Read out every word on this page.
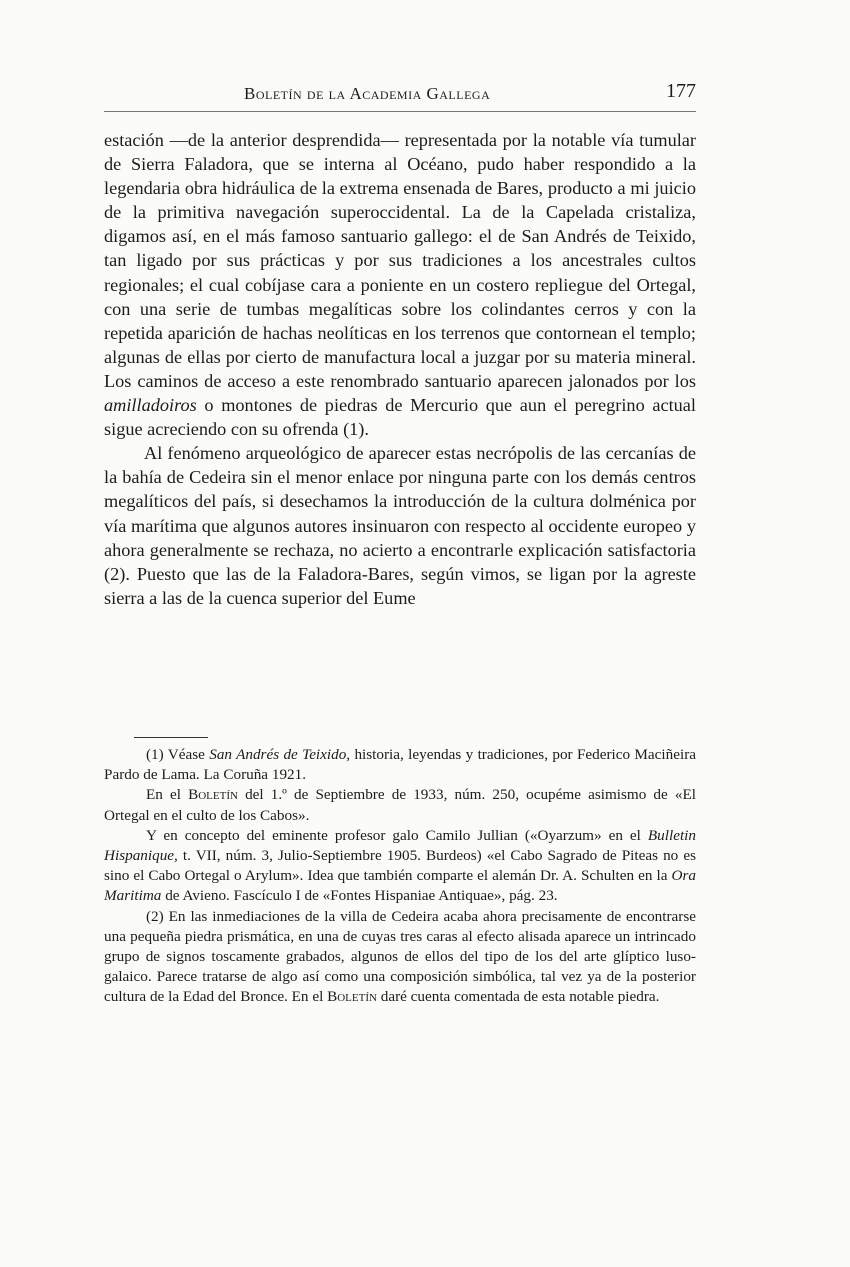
Boletín de la Academia Gallega	177

estación —de la anterior desprendida— representada por la notable vía tumular de Sierra Faladora, que se interna al Océano, pudo haber respondido a la legendaria obra hidráulica de la extrema ensenada de Bares, producto a mi juicio de la primitiva navegación superoccidental. La de la Capelada cristaliza, digamos así, en el más famoso santuario gallego: el de San Andrés de Teixido, tan ligado por sus prácticas y por sus tradiciones a los ancestrales cultos regionales; el cual cobíjase cara a poniente en un costero repliegue del Ortegal, con una serie de tumbas megalíticas sobre los colindantes cerros y con la repetida aparición de hachas neolíticas en los terrenos que contornean el templo; algunas de ellas por cierto de manufactura local a juzgar por su materia mineral. Los caminos de acceso a este renombrado santuario aparecen jalonados por los amilladoiros o montones de piedras de Mercurio que aun el peregrino actual sigue acreciendo con su ofrenda (1).

Al fenómeno arqueológico de aparecer estas necrópolis de las cercanías de la bahía de Cedeira sin el menor enlace por ninguna parte con los demás centros megalíticos del país, si desechamos la introducción de la cultura dolménica por vía marítima que algunos autores insinuaron con respecto al occidente europeo y ahora generalmente se rechaza, no acierto a encontrarle explicación satisfactoria (2). Puesto que las de la Faladora-Bares, según vimos, se ligan por la agreste sierra a las de la cuenca superior del Eume

(1) Véase San Andrés de Teixido, historia, leyendas y tradiciones, por Federico Maciñeira Pardo de Lama. La Coruña 1921.

En el Boletín del 1.º de Septiembre de 1933, núm. 250, ocupéme asimismo de «El Ortegal en el culto de los Cabos».

Y en concepto del eminente profesor galo Camilo Jullian («Oyarzum» en el Bulletin Hispanique, t. VII, núm. 3, Julio-Septiembre 1905. Burdeos) «el Cabo Sagrado de Piteas no es sino el Cabo Ortegal o Arylum». Idea que también comparte el alemán Dr. A. Schulten en la Ora Maritima de Avieno. Fascículo I de «Fontes Hispaniae Antiquae», pág. 23.

(2) En las inmediaciones de la villa de Cedeira acaba ahora precisamente de encontrarse una pequeña piedra prismática, en una de cuyas tres caras al efecto alisada aparece un intrincado grupo de signos toscamente grabados, algunos de ellos del tipo de los del arte glíptico luso-galaico. Parece tratarse de algo así como una composición simbólica, tal vez ya de la posterior cultura de la Edad del Bronce. En el Boletín daré cuenta comentada de esta notable piedra.
